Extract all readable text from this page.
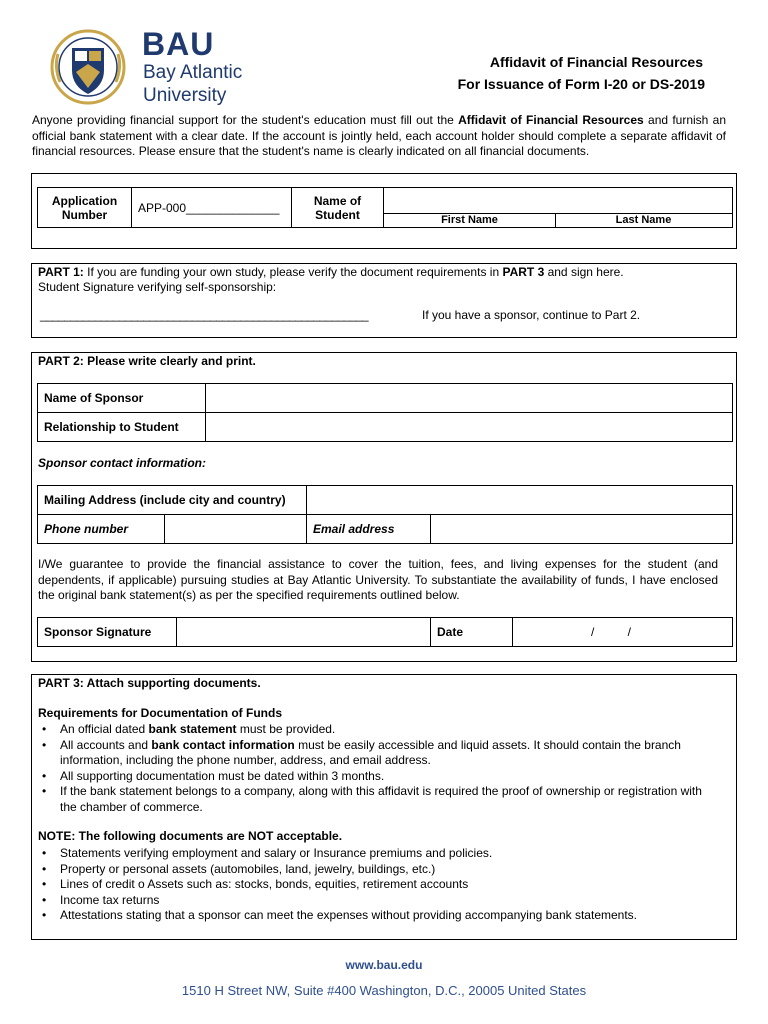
BAU
Bay Atlantic
University
Affidavit of Financial Resources
For Issuance of Form I-20 or DS-2019

Anyone providing financial support for the student's education must fill out the Affidavit of Financial Resources and furnish an official bank statement with a clear date. If the account is jointly held, each account holder should complete a separate affidavit of financial resources. Please ensure that the student's name is clearly indicated on all financial documents.

Application Number	APP-000______________	Name of Student	First Name	Last Name

PART 1: If you are funding your own study, please verify the document requirements in PART 3 and sign here.

Student Signature verifying self-sponsorship:

______________________________________________________	If you have a sponsor, continue to Part 2.
PART 2: Please write clearly and print.
Name of Sponsor	
Relationship to Student	
Sponsor contact information:
Mailing Address (include city and country)			
Phone number		Email address	

I/We guarantee to provide the financial assistance to cover the tuition, fees, and living expenses for the student (and dependents, if applicable) pursuing studies at Bay Atlantic University. To substantiate the availability of funds, I have enclosed the original bank statement(s) as per the specified requirements outlined below.

Sponsor Signature		Date	/          /
PART 3: Attach supporting documents.
Requirements for Documentation of Funds
• An official dated bank statement must be provided.
• All accounts and bank contact information must be easily accessible and liquid assets. It should contain the branch information, including the phone number, address, and email address.
• All supporting documentation must be dated within 3 months.
• If the bank statement belongs to a company, along with this affidavit is required the proof of ownership or registration with the chamber of commerce.
NOTE: The following documents are NOT acceptable.
• Statements verifying employment and salary or Insurance premiums and policies.
• Property or personal assets (automobiles, land, jewelry, buildings, etc.)
• Lines of credit o Assets such as: stocks, bonds, equities, retirement accounts
• Income tax returns
• Attestations stating that a sponsor can meet the expenses without providing accompanying bank statements.
www.bau.edu
1510 H Street NW, Suite #400 Washington, D.C., 20005 United States
